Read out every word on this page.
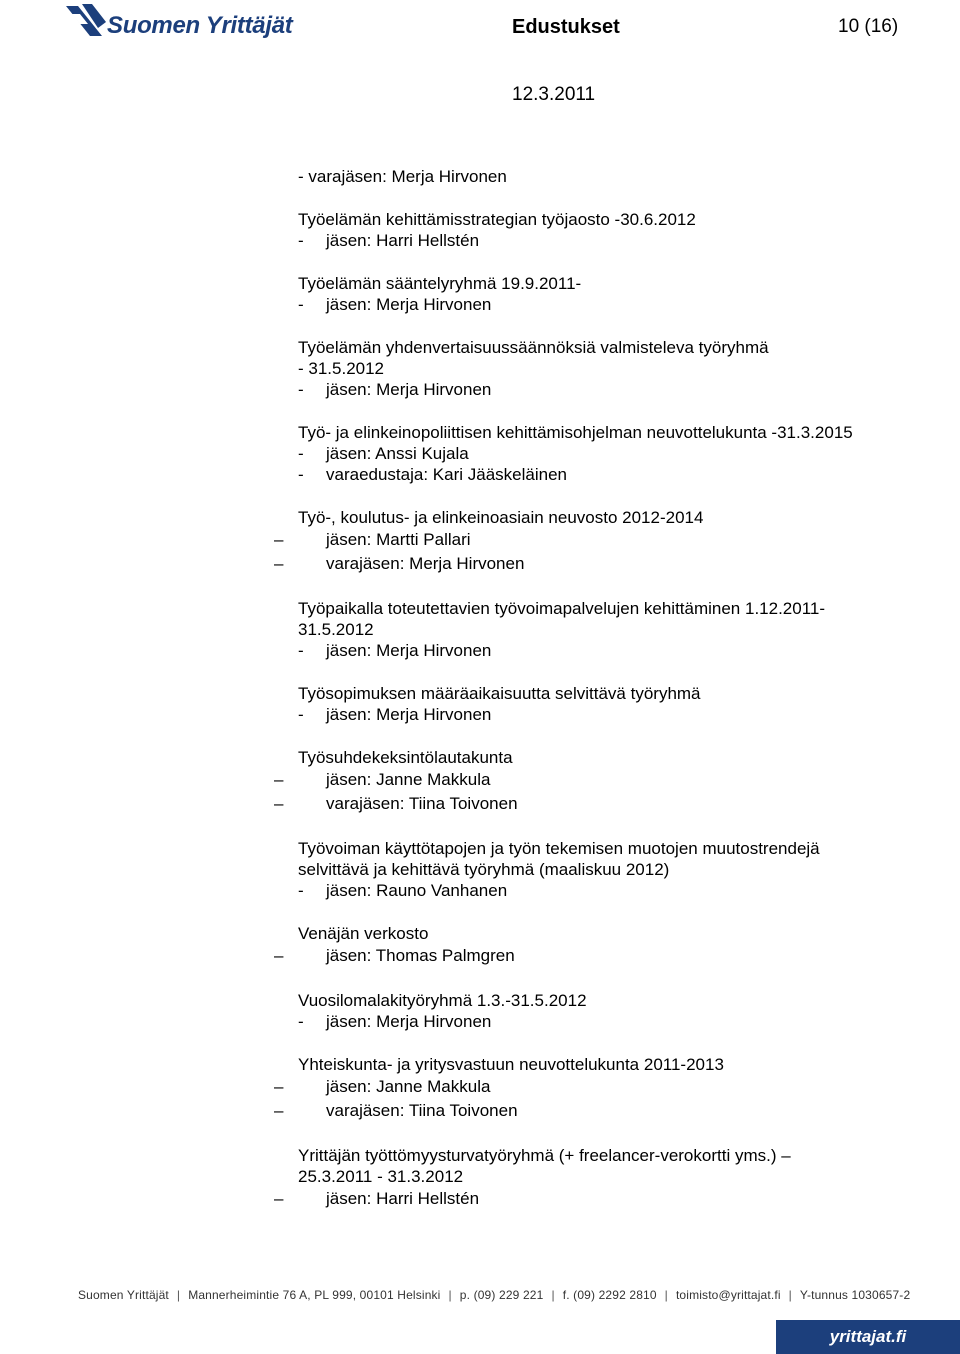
Suomen Yrittäjät	Edustukset	10 (16)
12.3.2011
- varajäsen: Merja Hirvonen
Työelämän kehittämisstrategian työjaosto -30.6.2012
- jäsen: Harri Hellstén
Työelämän sääntelyryhmä 19.9.2011-
- jäsen: Merja Hirvonen
Työelämän yhdenvertaisuussäännöksiä valmisteleva työryhmä
- 31.5.2012
- jäsen: Merja Hirvonen
Työ- ja elinkeinopoliittisen kehittämisohjelman neuvottelukunta -31.3.2015
- jäsen: Anssi Kujala
- varaedustaja: Kari Jääskeläinen
Työ-, koulutus- ja elinkeinoasiain neuvosto 2012-2014
–	jäsen: Martti Pallari
–	varajäsen: Merja Hirvonen
Työpaikalla toteutettavien työvoimapalvelujen kehittäminen 1.12.2011-
31.5.2012
- jäsen: Merja Hirvonen
Työsopimuksen määräaikaisuutta selvittävä työryhmä
- jäsen: Merja Hirvonen
Työsuhdekeksintölautakunta
–	jäsen: Janne Makkula
–	varajäsen: Tiina Toivonen
Työvoiman käyttötapojen ja työn tekemisen muotojen muutostrendejä
selvittävä ja kehittävä työryhmä (maaliskuu 2012)
- jäsen: Rauno Vanhanen
Venäjän verkosto
–	jäsen: Thomas Palmgren
Vuosilomalakityöryhmä 1.3.-31.5.2012
- jäsen: Merja Hirvonen
Yhteiskunta- ja yritysvastuun neuvottelukunta 2011-2013
–	jäsen: Janne Makkula
–	varajäsen: Tiina Toivonen
Yrittäjän työttömyysturvatyöryhmä (+ freelancer-verokortti yms.) –
25.3.2011 - 31.3.2012
–	jäsen: Harri Hellstén
Suomen Yrittäjät | Mannerheimintie 76 A, PL 999, 00101 Helsinki | p. (09) 229 221 | f. (09) 2292 2810 | toimisto@yrittajat.fi | Y-tunnus 1030657-2
yrittajat.fi
